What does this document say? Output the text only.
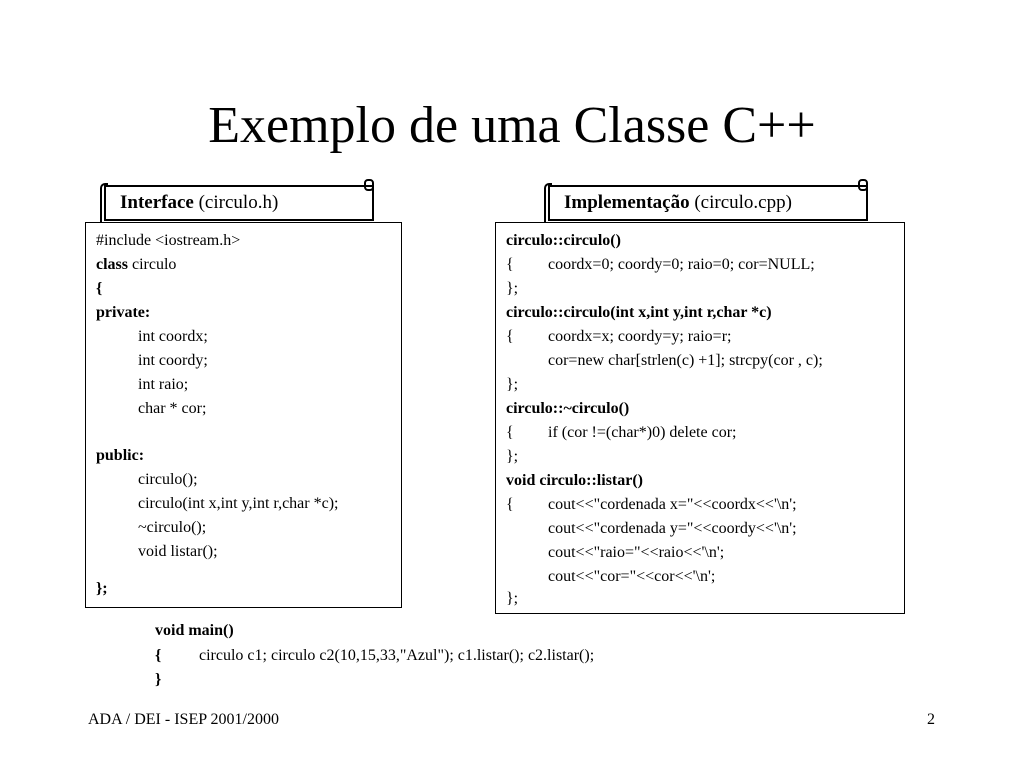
Exemplo de uma Classe C++
Interface (circulo.h)	Implementação (circulo.cpp)
#include <iostream.h>
class circulo
{
private:
int coordx;
int coordy;
int raio;
char * cor;
public:
circulo();
circulo(int x,int y,int r,char *c);
~circulo();
void listar();
};
circulo::circulo()
{ coordx=0; coordy=0; raio=0; cor=NULL;
};
circulo::circulo(int x,int y,int r,char *c)
{ coordx=x; coordy=y; raio=r;
cor=new char[strlen(c) +1]; strcpy(cor , c);
};
circulo::~circulo()
{ if (cor !=(char*)0) delete cor;
};
void circulo::listar()
{ cout<<"cordenada x="<<coordx<<'\n';
cout<<"cordenada y="<<coordy<<'\n';
cout<<"raio="<<raio<<'\n';
cout<<"cor="<<cor<<'\n';
};
void main()
{ circulo c1; circulo c2(10,15,33,"Azul"); c1.listar(); c2.listar();
}
ADA / DEI - ISEP 2001/2000	2
